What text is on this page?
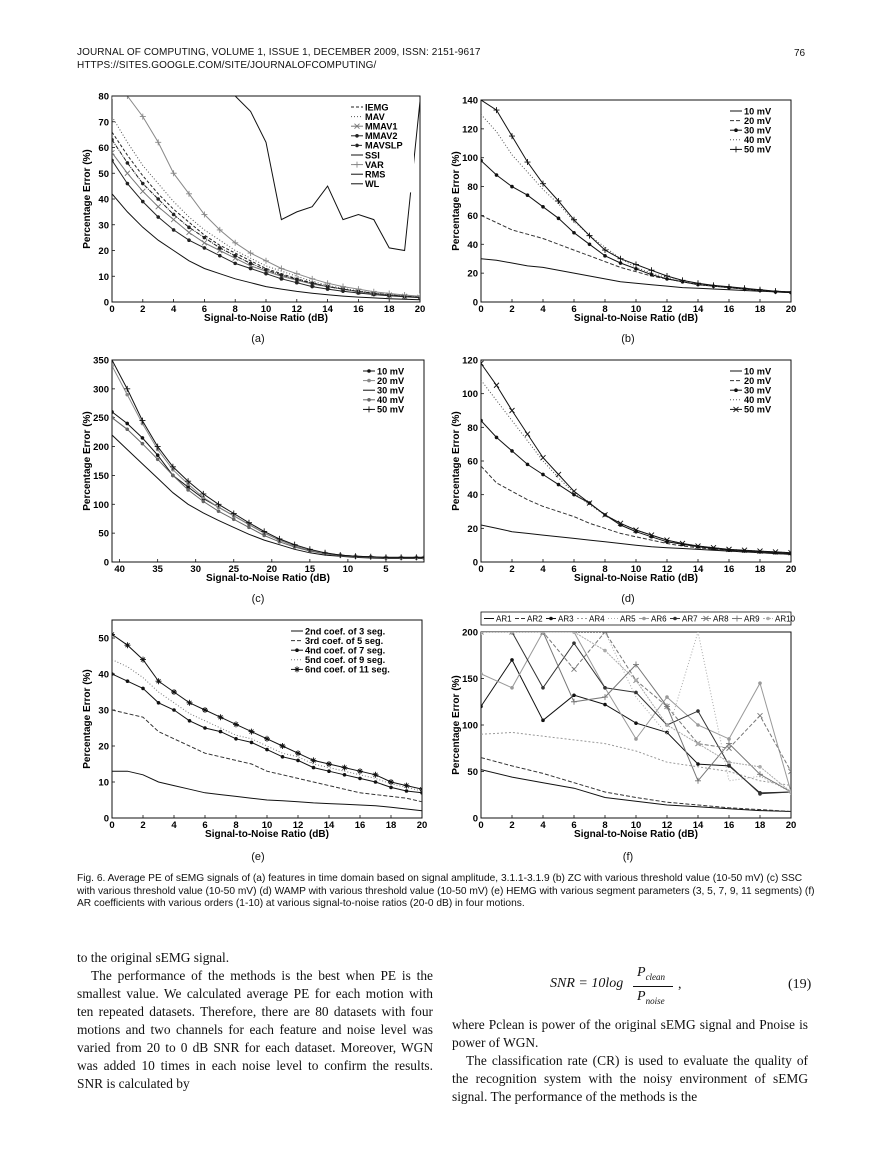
JOURNAL OF COMPUTING, VOLUME 1, ISSUE 1, DECEMBER 2009, ISSN: 2151-9617
HTTPS://SITES.GOOGLE.COM/SITE/JOURNALOFCOMPUTING/
76
0	2	4	6	8 10 12 14 16 18 20
0
10
20
30
40
50
60
70
80
Signal-to-Noise Ratio (dB)
Percentage Error (%)
IEMG
MAV
MMAV1
MMAV2
MAVSLP
SSI
VAR
RMS
WL
0	2	4	6	8 10 12 14 16 18 20
0
20
40
60
80
100
120
140
Signal-to-Noise Ratio (dB)
Percentage Error (%)
10 mV
20 mV
30 mV
40 mV
50 mV
40	35	30	25	20	15	10	5
0
50
100
150
200
250
300
350
Signal-to-Noise Ratio (dB)
Percentage Error (%)
10 mV
20 mV
30 mV
40 mV
50 mV
0	2	4	6	8 10 12 14 16 18 20
0
20
40
60
80
100
120
Signal-to-Noise Ratio (dB)
Percentage Error (%)
10 mV
20 mV
30 mV
40 mV
50 mV
0	2	4	6	8 10 12 14 16 18 20
0
10
20
30
40
50
Signal-to-Noise Ratio (dB)
Percentage Error (%)
2nd coef. of 3 seg.
3rd coef. of 5 seg.
4nd coef. of 7 seg.
5nd coef. of 9 seg.
6nd coef. of 11 seg.
0	2	4	6	8 10 12 14 16 18 20
0
50
100
150
200
Signal-to-Noise Ratio (dB)
Percentage Error (%)
AR1 AR2 AR3 AR4 AR5 AR6 AR7 AR8 AR9 AR10
(a)	(b)
(c)	(d)
(e)	(f)
Fig. 6. Average PE of sEMG signals of (a) features in time domain based on signal amplitude, 3.1.1-3.1.9 (b) ZC with various threshold value (10-50 mV) (c) SSC with various threshold value (10-50 mV) (d) WAMP with various threshold value (10-50 mV) (e) HEMG with various segment parameters (3, 5, 7, 9, 11 segments) (f) AR coefficients with various orders (1-10) at various signal-to-noise ratios (20-0 dB) in four motions.
to the original sEMG signal.
The performance of the methods is the best when PE is the smallest value. We calculated average PE for each motion with ten repeated datasets. Therefore, there are 80 datasets with four motions and two channels for each feature and noise level was varied from 20 to 0 dB SNR for each dataset. Moreover, WGN was added 10 times in each noise level to confirm the results. SNR is calculated by
SNR = 10log
$P_{clean}$
$P_{noise}$
,	(19)
where Pclean is power of the original sEMG signal and Pnoise is power of WGN.
The classification rate (CR) is used to evaluate the quality of the recognition system with the noisy environment of sEMG signal. The performance of the methods is the
